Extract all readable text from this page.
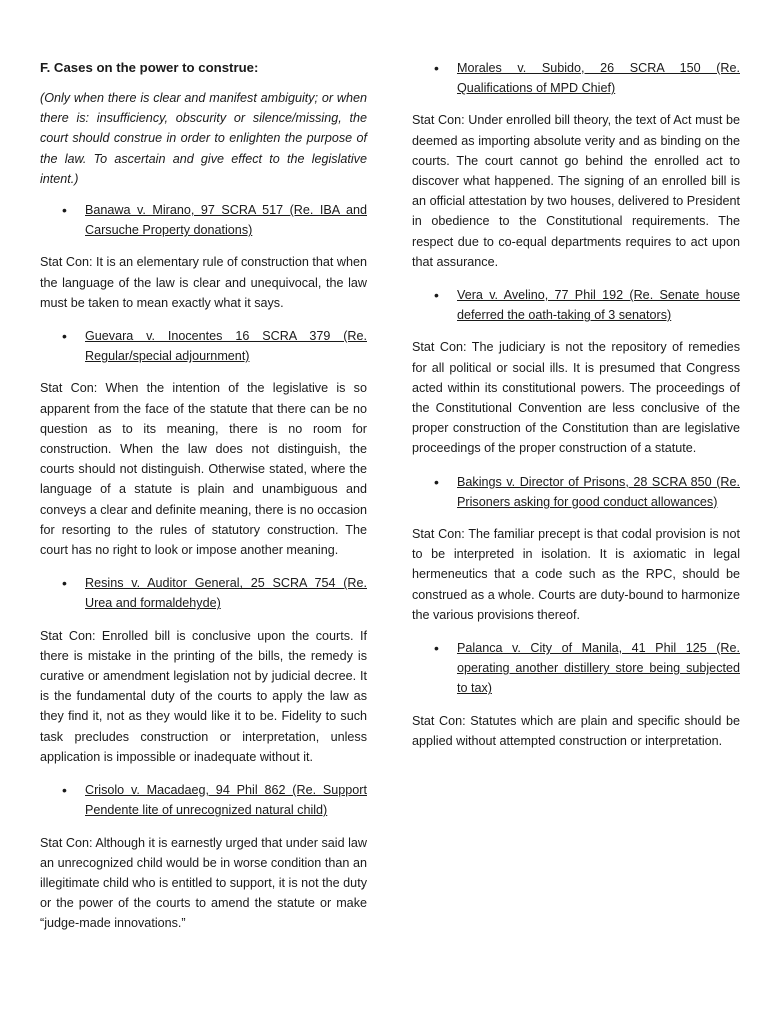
F. Cases on the power to construe:
(Only when there is clear and manifest ambiguity; or when there is: insufficiency, obscurity or silence/missing, the court should construe in order to enlighten the purpose of the law. To ascertain and give effect to the legislative intent.)
• Banawa v. Mirano, 97 SCRA 517 (Re. IBA and Carsuche Property donations)
Stat Con: It is an elementary rule of construction that when the language of the law is clear and unequivocal, the law must be taken to mean exactly what it says.
• Guevara v. Inocentes 16 SCRA 379 (Re. Regular/special adjournment)
Stat Con: When the intention of the legislative is so apparent from the face of the statute that there can be no question as to its meaning, there is no room for construction. When the law does not distinguish, the courts should not distinguish. Otherwise stated, where the language of a statute is plain and unambiguous and conveys a clear and definite meaning, there is no occasion for resorting to the rules of statutory construction. The court has no right to look or impose another meaning.
• Resins v. Auditor General, 25 SCRA 754 (Re. Urea and formaldehyde)
Stat Con: Enrolled bill is conclusive upon the courts. If there is mistake in the printing of the bills, the remedy is curative or amendment legislation not by judicial decree. It is the fundamental duty of the courts to apply the law as they find it, not as they would like it to be. Fidelity to such task precludes construction or interpretation, unless application is impossible or inadequate without it.
• Crisolo v. Macadaeg, 94 Phil 862 (Re. Support Pendente lite of unrecognized natural child)
Stat Con: Although it is earnestly urged that under said law an unrecognized child would be in worse condition than an illegitimate child who is entitled to support, it is not the duty or the power of the courts to amend the statute or make “judge-made innovations.”
• Morales v. Subido, 26 SCRA 150 (Re. Qualifications of MPD Chief)
Stat Con: Under enrolled bill theory, the text of Act must be deemed as importing absolute verity and as binding on the courts. The court cannot go behind the enrolled act to discover what happened. The signing of an enrolled bill is an official attestation by two houses, delivered to President in obedience to the Constitutional requirements. The respect due to co-equal departments requires to act upon that assurance.
• Vera v. Avelino, 77 Phil 192 (Re. Senate house deferred the oath-taking of 3 senators)
Stat Con: The judiciary is not the repository of remedies for all political or social ills. It is presumed that Congress acted within its constitutional powers. The proceedings of the Constitutional Convention are less conclusive of the proper construction of the Constitution than are legislative proceedings of the proper construction of a statute.
• Bakings v. Director of Prisons, 28 SCRA 850 (Re. Prisoners asking for good conduct allowances)
Stat Con: The familiar precept is that codal provision is not to be interpreted in isolation. It is axiomatic in legal hermeneutics that a code such as the RPC, should be construed as a whole. Courts are duty-bound to harmonize the various provisions thereof.
• Palanca v. City of Manila, 41 Phil 125 (Re. operating another distillery store being subjected to tax)
Stat Con: Statutes which are plain and specific should be applied without attempted construction or interpretation.
